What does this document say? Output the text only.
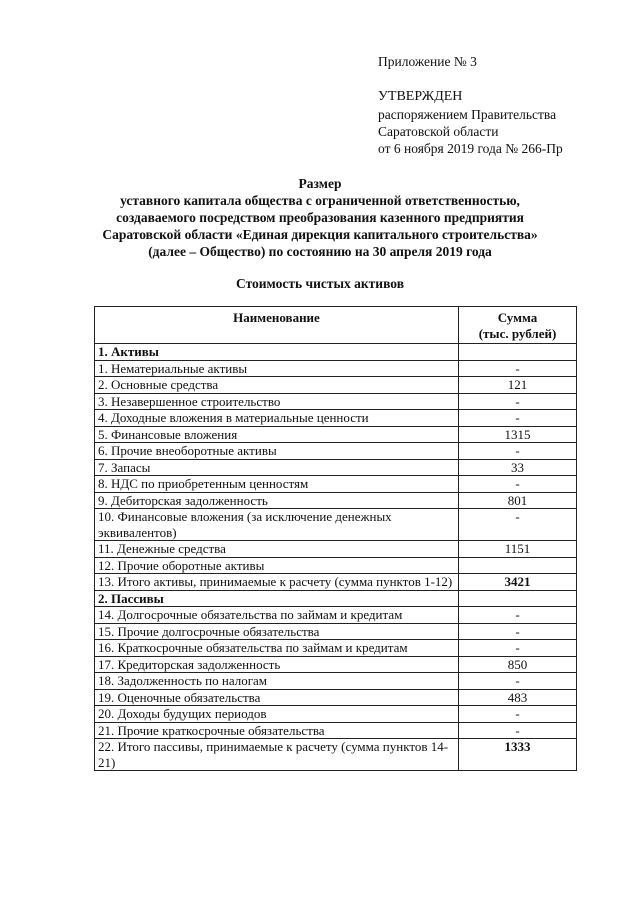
Приложение № 3
УТВЕРЖДЕН
распоряжением Правительства
Саратовской области
от 6 ноября 2019 года № 266-Пр
Размер
уставного капитала общества с ограниченной ответственностью,
создаваемого посредством преобразования казенного предприятия
Саратовской области «Единая дирекция капитального строительства»
(далее – Общество) по состоянию на 30 апреля 2019 года
Стоимость чистых активов
Наименование	Сумма
(тыс. рублей)

1. Активы	
1. Нематериальные активы	-
2. Основные средства	121
3. Незавершенное строительство	-
4. Доходные вложения в материальные ценности	-
5. Финансовые вложения	1315
6. Прочие внеоборотные активы	-
7. Запасы	33
8. НДС по приобретенным ценностям	-
9. Дебиторская задолженность	801
10. Финансовые вложения (за исключение денежных эквивалентов)	-
11. Денежные средства	1151
12. Прочие оборотные активы	
13. Итого активы, принимаемые к расчету (сумма пунктов 1-12)	3421
2. Пассивы	
14. Долгосрочные обязательства по займам и кредитам	-
15. Прочие долгосрочные обязательства	-
16. Краткосрочные обязательства по займам и кредитам	-
17. Кредиторская задолженность	850
18. Задолженность по налогам	-
19. Оценочные обязательства	483
20. Доходы будущих периодов	-
21. Прочие краткосрочные обязательства	-
22. Итого пассивы, принимаемые к расчету (сумма пунктов 14-21)	1333
